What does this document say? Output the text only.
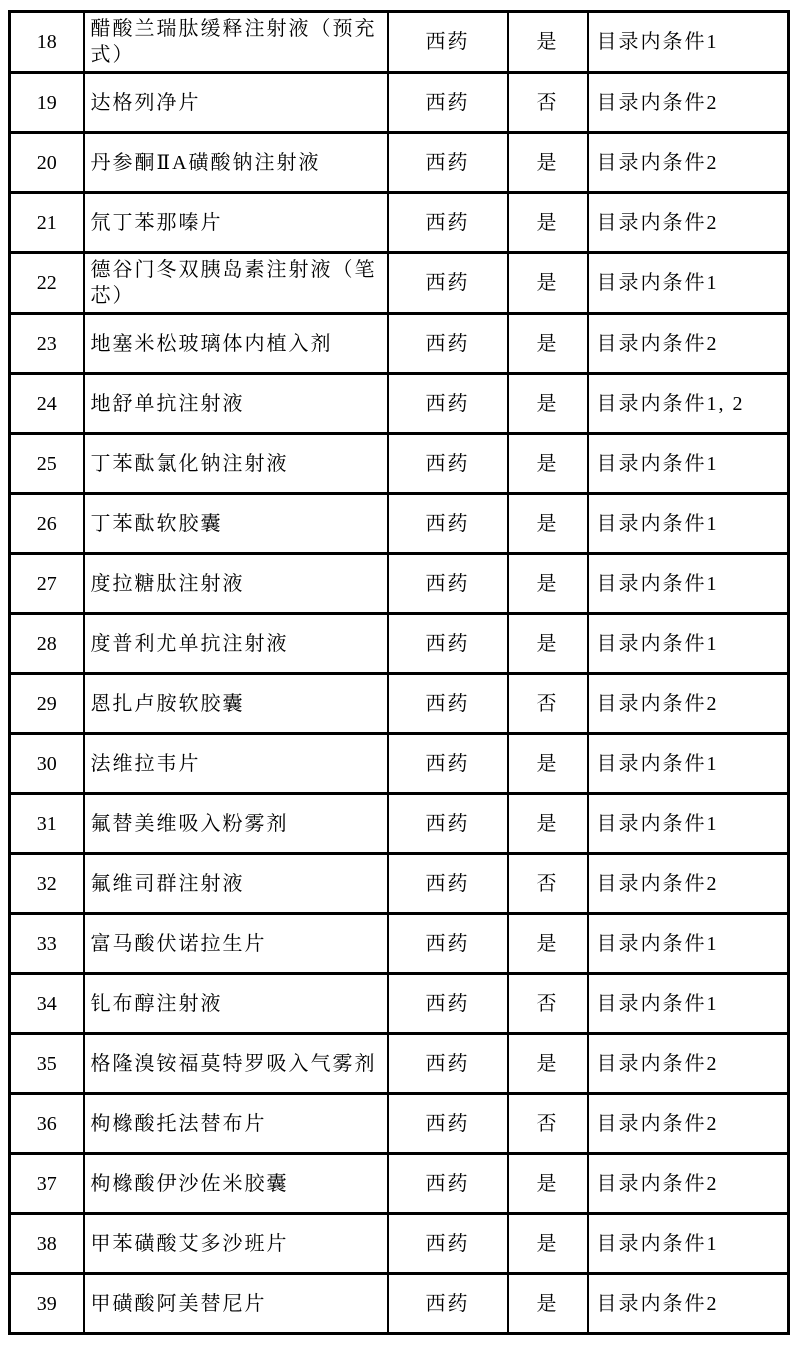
18	醋酸兰瑞肽缓释注射液（预充式）	西药	是	目录内条件1
19	达格列净片	西药	否	目录内条件2
20	丹参酮ⅡA磺酸钠注射液	西药	是	目录内条件2
21	氘丁苯那嗪片	西药	是	目录内条件2
22	德谷门冬双胰岛素注射液（笔芯）	西药	是	目录内条件1
23	地塞米松玻璃体内植入剂	西药	是	目录内条件2
24	地舒单抗注射液	西药	是	目录内条件1, 2
25	丁苯酞氯化钠注射液	西药	是	目录内条件1
26	丁苯酞软胶囊	西药	是	目录内条件1
27	度拉糖肽注射液	西药	是	目录内条件1
28	度普利尤单抗注射液	西药	是	目录内条件1
29	恩扎卢胺软胶囊	西药	否	目录内条件2
30	法维拉韦片	西药	是	目录内条件1
31	氟替美维吸入粉雾剂	西药	是	目录内条件1
32	氟维司群注射液	西药	否	目录内条件2
33	富马酸伏诺拉生片	西药	是	目录内条件1
34	钆布醇注射液	西药	否	目录内条件1
35	格隆溴铵福莫特罗吸入气雾剂	西药	是	目录内条件2
36	枸橼酸托法替布片	西药	否	目录内条件2
37	枸橼酸伊沙佐米胶囊	西药	是	目录内条件2
38	甲苯磺酸艾多沙班片	西药	是	目录内条件1
39	甲磺酸阿美替尼片	西药	是	目录内条件2
